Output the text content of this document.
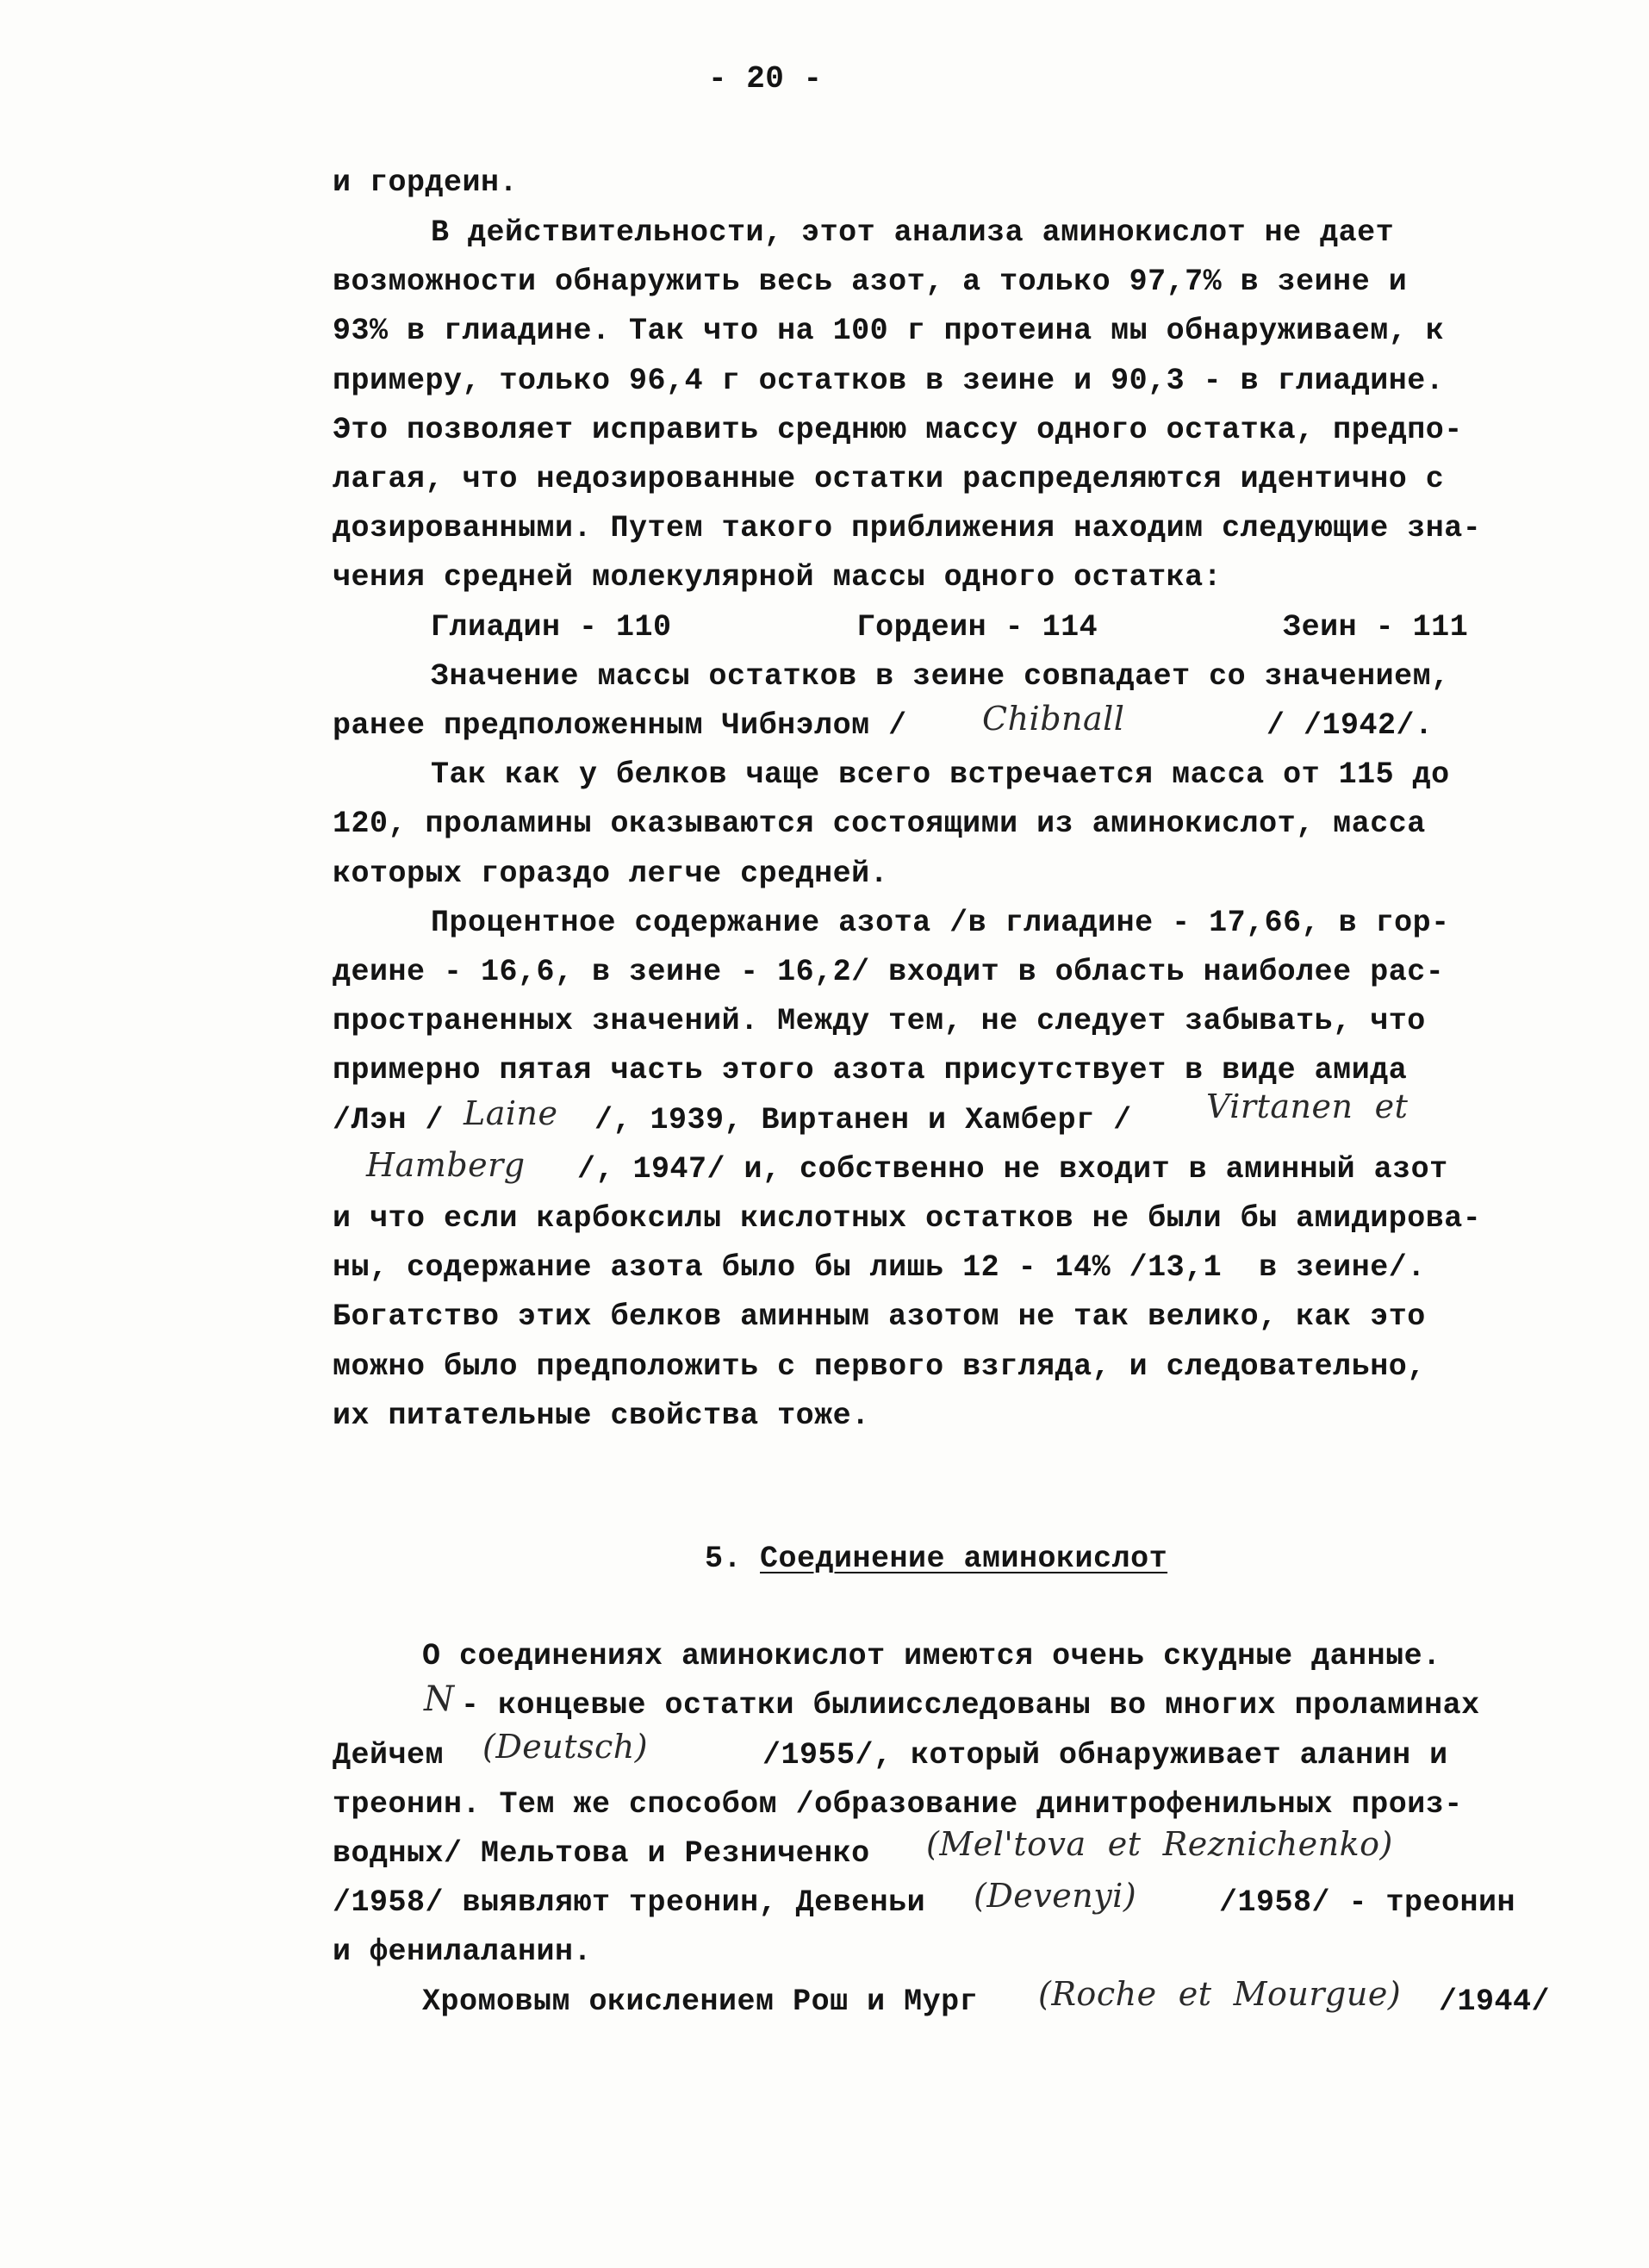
- 20 -
и гордеин.
В действительности, этот анализа аминокислот не дает
возможности обнаружить весь азот, а только 97,7% в зеине и
93% в глиадине. Так что на 100 г протеина мы обнаруживаем, к
примеру, только 96,4 г остатков в зеине и 90,3 - в глиадине.
Это позволяет исправить среднюю массу одного остатка, предпо-
лагая, что недозированные остатки распределяются идентично с
дозированными. Путем такого приближения находим следующие зна-
чения средней молекулярной массы одного остатка:
Глиадин - 110          Гордеин - 114          Зеин - 111
Значение массы остатков в зеине совпадает со значением,
ранее предположенным Чибнэлом / Chibnall	/ /1942/.
Так как у белков чаще всего встречается масса от 115 до
120, проламины оказываются состоящими из аминокислот, масса
которых гораздо легче средней.
Процентное содержание азота /в глиадине - 17,66, в гор-
деине - 16,6, в зеине - 16,2/ входит в область наиболее рас-
пространенных значений. Между тем, не следует забывать, что
примерно пятая часть этого азота присутствует в виде амида
/Лэн / Laine /, 1939, Виртанен и Хамберг / Virtanen  et
Hamberg /, 1947/ и, собственно не входит в аминный азот
и что если карбоксилы кислотных остатков не были бы амидирова-
ны, содержание азота было бы лишь 12 - 14% /13,1  в зеине/.
Богатство этих белков аминным азотом не так велико, как это
можно было предположить с первого взгляда, и следовательно,
их питательные свойства тоже.
5. Соединение аминокислот
О соединениях аминокислот имеются очень скудные данные.
N - концевые остатки былиисследованы во многих проламинах
Дейчем (Deutsch)	/1955/, который обнаруживает аланин и
треонин. Тем же способом /образование динитрофенильных произ-
водных/ Мельтова и Резниченко (Mel'tova  et  Reznichenko)
/1958/ выявляют треонин, Девеньи (Devenyi)	/1958/ - треонин
и фенилаланин.
Хромовым окислением Рош и Мург (Roche  et  Mourgue) /1944/
